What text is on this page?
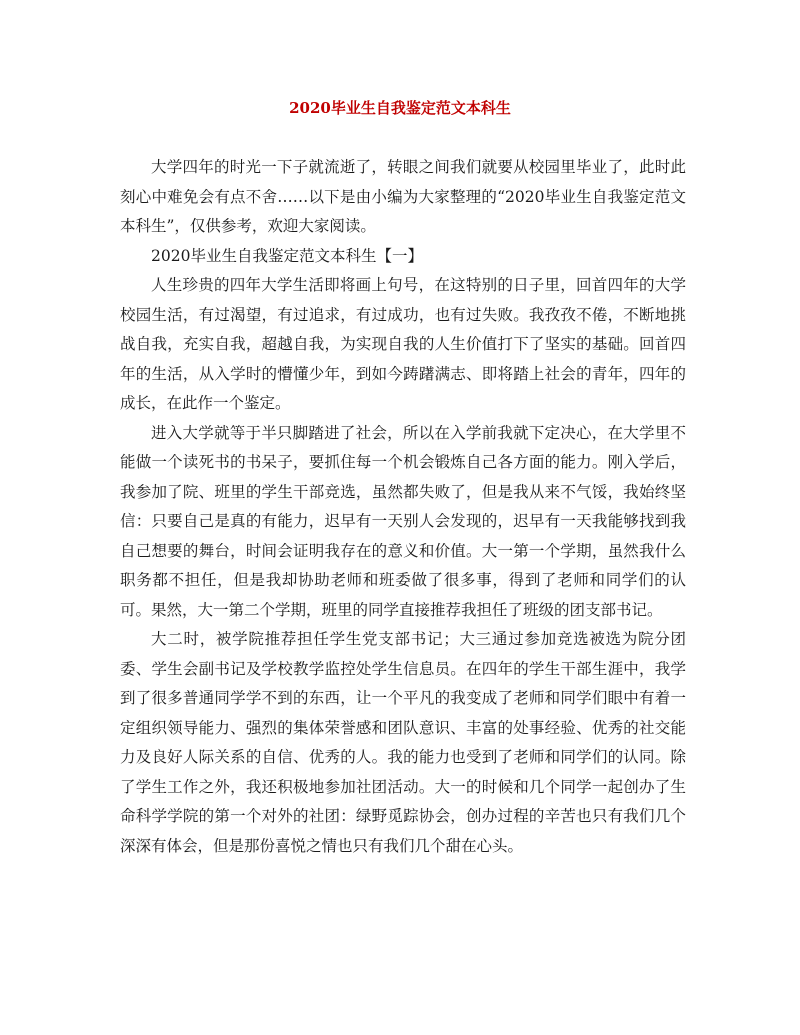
2020毕业生自我鉴定范文本科生

大学四年的时光一下子就流逝了，转眼之间我们就要从校园里毕业了，此时此刻心中难免会有点不舍……以下是由小编为大家整理的“2020毕业生自我鉴定范文本科生”，仅供参考，欢迎大家阅读。

2020毕业生自我鉴定范文本科生【一】

人生珍贵的四年大学生活即将画上句号，在这特别的日子里，回首四年的大学校园生活，有过渴望，有过追求，有过成功，也有过失败。我孜孜不倦，不断地挑战自我，充实自我，超越自我，为实现自我的人生价值打下了坚实的基础。回首四年的生活，从入学时的懵懂少年，到如今踌躇满志、即将踏上社会的青年，四年的成长，在此作一个鉴定。

进入大学就等于半只脚踏进了社会，所以在入学前我就下定决心，在大学里不能做一个读死书的书呆子，要抓住每一个机会锻炼自己各方面的能力。刚入学后，我参加了院、班里的学生干部竞选，虽然都失败了，但是我从来不气馁，我始终坚信：只要自己是真的有能力，迟早有一天别人会发现的，迟早有一天我能够找到我自己想要的舞台，时间会证明我存在的意义和价值。大一第一个学期，虽然我什么职务都不担任，但是我却协助老师和班委做了很多事，得到了老师和同学们的认可。果然，大一第二个学期，班里的同学直接推荐我担任了班级的团支部书记。

大二时，被学院推荐担任学生党支部书记；大三通过参加竞选被选为院分团委、学生会副书记及学校教学监控处学生信息员。在四年的学生干部生涯中，我学到了很多普通同学学不到的东西，让一个平凡的我变成了老师和同学们眼中有着一定组织领导能力、强烈的集体荣誉感和团队意识、丰富的处事经验、优秀的社交能力及良好人际关系的自信、优秀的人。我的能力也受到了老师和同学们的认同。除了学生工作之外，我还积极地参加社团活动。大一的时候和几个同学一起创办了生命科学学院的第一个对外的社团：绿野觅踪协会，创办过程的辛苦也只有我们几个深深有体会，但是那份喜悦之情也只有我们几个甜在心头。
